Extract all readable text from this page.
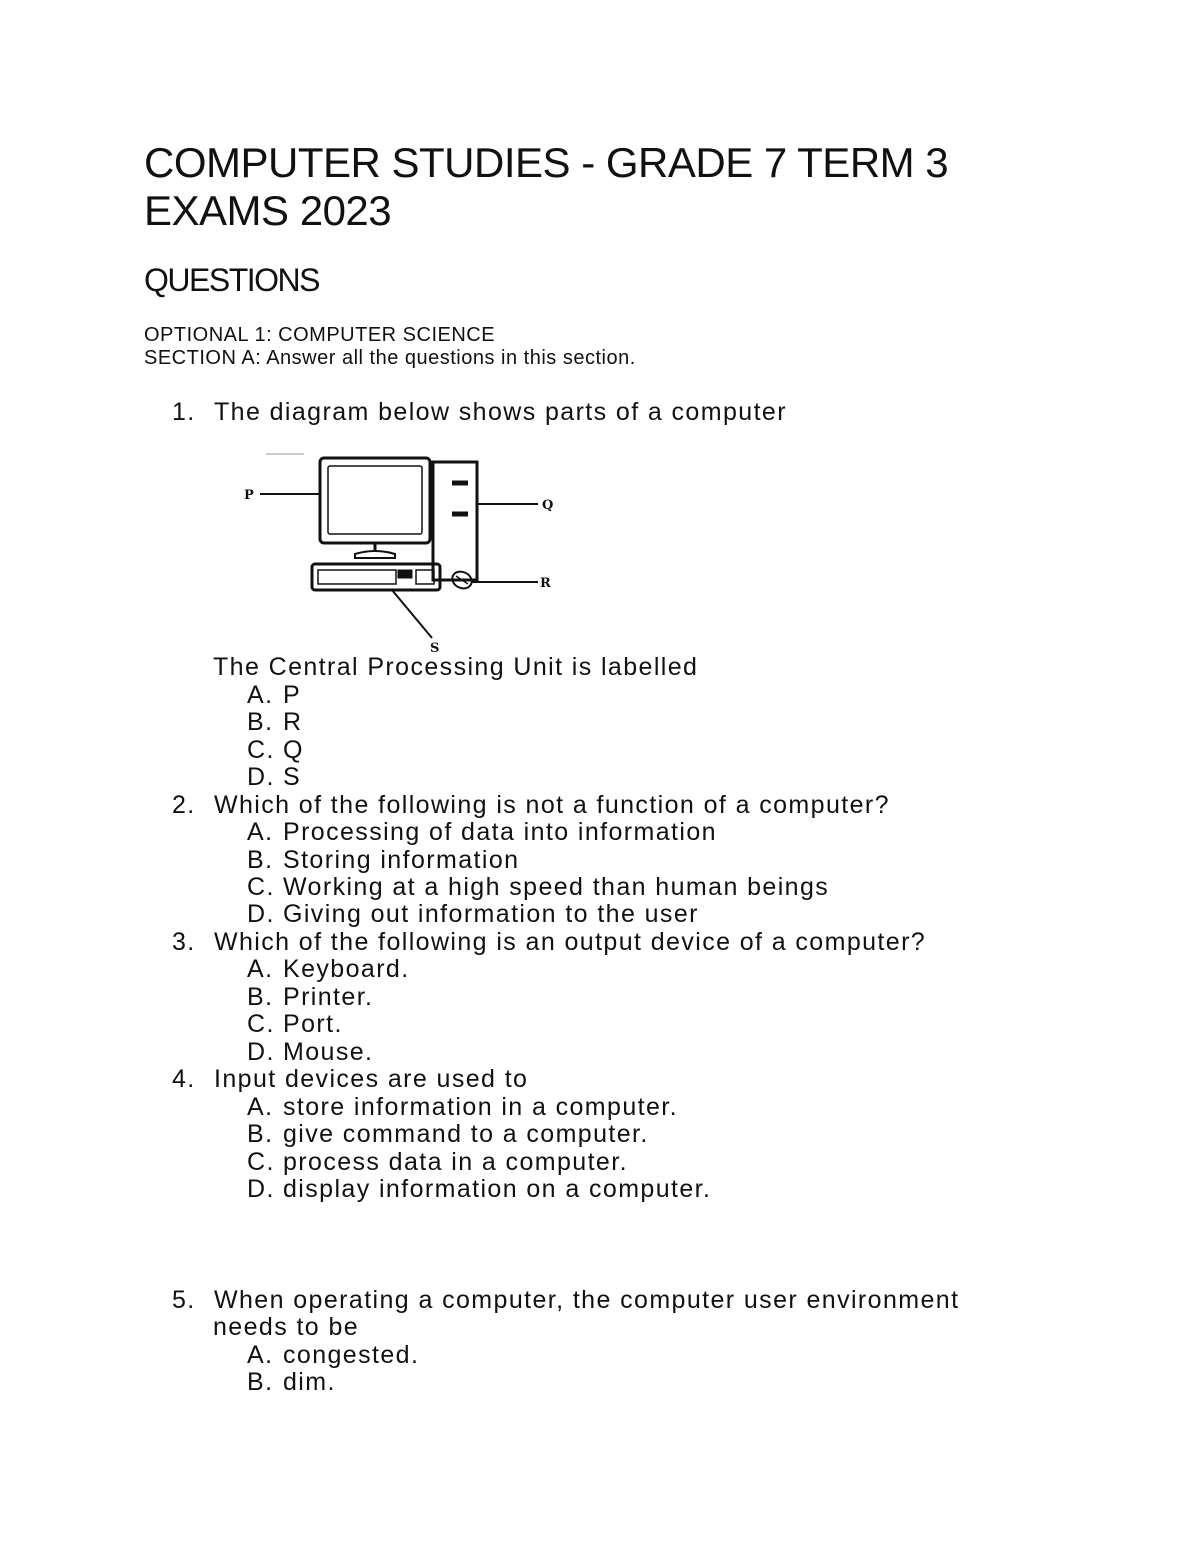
COMPUTER STUDIES - GRADE 7 TERM 3
EXAMS 2023
QUESTIONS
OPTIONAL 1: COMPUTER SCIENCE
SECTION A: Answer all the questions in this section.
1. The diagram below shows parts of a computer
P
Q
R
S
The Central Processing Unit is labelled
A. P
B. R
C. Q
D. S
2. Which of the following is not a function of a computer?
A. Processing of data into information
B. Storing information
C. Working at a high speed than human beings
D. Giving out information to the user
3. Which of the following is an output device of a computer?
A. Keyboard.
B. Printer.
C. Port.
D. Mouse.
4. Input devices are used to
A. store information in a computer.
B. give command to a computer.
C. process data in a computer.
D. display information on a computer.
5. When operating a computer, the computer user environment
needs to be
A. congested.
B. dim.
